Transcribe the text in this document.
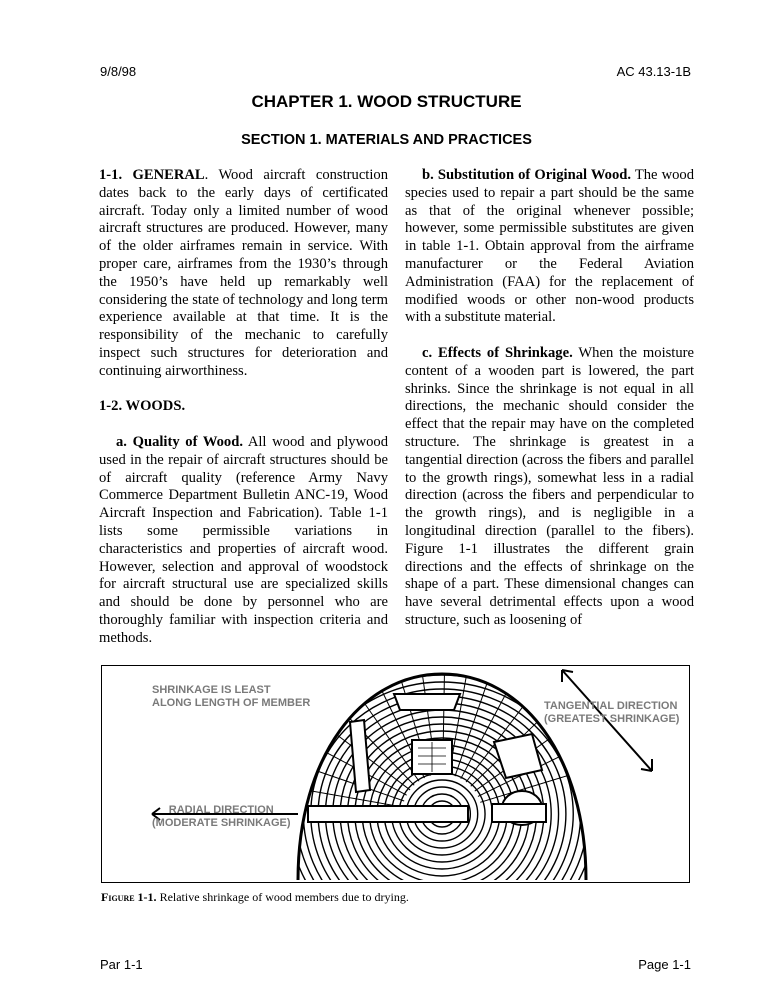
9/8/98	AC 43.13-1B
CHAPTER 1. WOOD STRUCTURE
SECTION 1. MATERIALS AND PRACTICES

1-1. GENERAL. Wood aircraft construction dates back to the early days of certificated aircraft. Today only a limited number of wood aircraft structures are produced. However, many of the older airframes remain in service. With proper care, airframes from the 1930’s through the 1950’s have held up remarkably well considering the state of technology and long term experience available at that time. It is the responsibility of the mechanic to carefully inspect such structures for deterioration and continuing airworthiness.

1-2. WOODS.

a. Quality of Wood. All wood and plywood used in the repair of aircraft structures should be of aircraft quality (reference Army Navy Commerce Department Bulletin ANC-19, Wood Aircraft Inspection and Fabrication). Table 1-1 lists some permissible variations in characteristics and properties of aircraft wood. However, selection and approval of woodstock for aircraft structural use are specialized skills and should be done by personnel who are thoroughly familiar with inspection criteria and methods.

b. Substitution of Original Wood. The wood species used to repair a part should be the same as that of the original whenever possible; however, some permissible substitutes are given in table 1-1. Obtain approval from the airframe manufacturer or the Federal Aviation Administration (FAA) for the replacement of modified woods or other non-wood products with a substitute material.

c. Effects of Shrinkage. When the moisture content of a wooden part is lowered, the part shrinks. Since the shrinkage is not equal in all directions, the mechanic should consider the effect that the repair may have on the completed structure. The shrinkage is greatest in a tangential direction (across the fibers and parallel to the growth rings), somewhat less in a radial direction (across the fibers and perpendicular to the growth rings), and is negligible in a longitudinal direction (parallel to the fibers). Figure 1-1 illustrates the different grain directions and the effects of shrinkage on the shape of a part. These dimensional changes can have several detrimental effects upon a wood structure, such as loosening of

SHRINKAGE IS LEAST
ALONG LENGTH OF MEMBER	TANGENTIAL DIRECTION
(GREATEST SHRINKAGE)
RADIAL DIRECTION
(MODERATE SHRINKAGE)
Figure 1-1. Relative shrinkage of wood members due to drying.
Par 1-1	Page 1-1
